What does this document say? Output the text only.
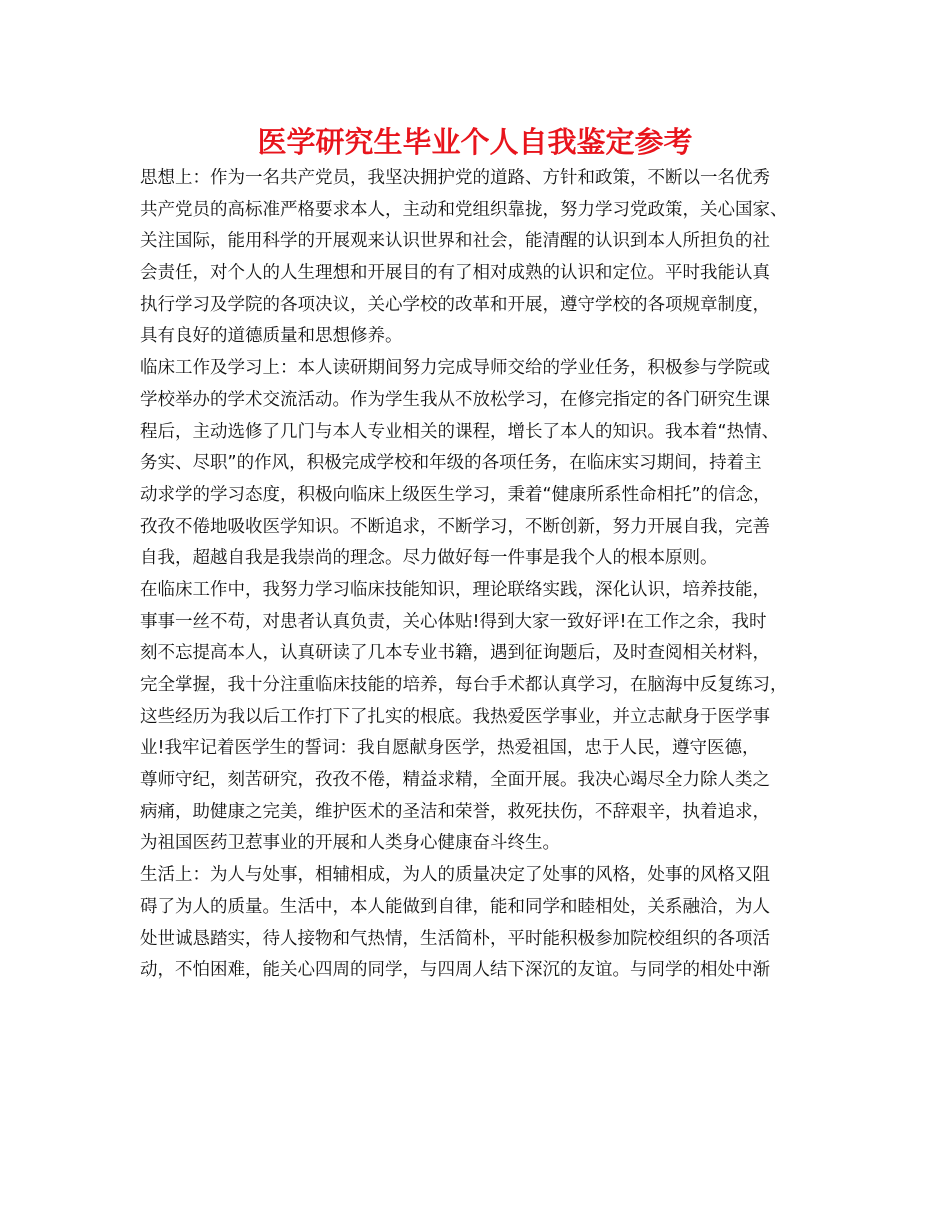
医学研究生毕业个人自我鉴定参考
思想上：作为一名共产党员，我坚决拥护党的道路、方针和政策，不断以一名优秀
共产党员的高标准严格要求本人，主动和党组织靠拢，努力学习党政策，关心国家、
关注国际，能用科学的开展观来认识世界和社会，能清醒的认识到本人所担负的社
会责任，对个人的人生理想和开展目的有了相对成熟的认识和定位。平时我能认真
执行学习及学院的各项决议，关心学校的改革和开展，遵守学校的各项规章制度，
具有良好的道德质量和思想修养。
临床工作及学习上：本人读研期间努力完成导师交给的学业任务，积极参与学院或
学校举办的学术交流活动。作为学生我从不放松学习，在修完指定的各门研究生课
程后，主动选修了几门与本人专业相关的课程，增长了本人的知识。我本着“热情、
务实、尽职”的作风，积极完成学校和年级的各项任务，在临床实习期间，持着主
动求学的学习态度，积极向临床上级医生学习，秉着“健康所系性命相托”的信念，
孜孜不倦地吸收医学知识。不断追求，不断学习，不断创新，努力开展自我，完善
自我，超越自我是我崇尚的理念。尽力做好每一件事是我个人的根本原则。
在临床工作中，我努力学习临床技能知识，理论联络实践，深化认识，培养技能，
事事一丝不苟，对患者认真负责，关心体贴!得到大家一致好评!在工作之余，我时
刻不忘提高本人，认真研读了几本专业书籍，遇到征询题后，及时查阅相关材料，
完全掌握，我十分注重临床技能的培养，每台手术都认真学习，在脑海中反复练习，
这些经历为我以后工作打下了扎实的根底。我热爱医学事业，并立志献身于医学事
业!我牢记着医学生的誓词：我自愿献身医学，热爱祖国，忠于人民，遵守医德，
尊师守纪，刻苦研究，孜孜不倦，精益求精，全面开展。我决心竭尽全力除人类之
病痛，助健康之完美，维护医术的圣洁和荣誉，救死扶伤，不辞艰辛，执着追求，
为祖国医药卫惹事业的开展和人类身心健康奋斗终生。
生活上：为人与处事，相辅相成，为人的质量决定了处事的风格，处事的风格又阻
碍了为人的质量。生活中，本人能做到自律，能和同学和睦相处，关系融洽，为人
处世诚恳踏实，待人接物和气热情，生活简朴，平时能积极参加院校组织的各项活
动，不怕困难，能关心四周的同学，与四周人结下深沉的友谊。与同学的相处中渐
